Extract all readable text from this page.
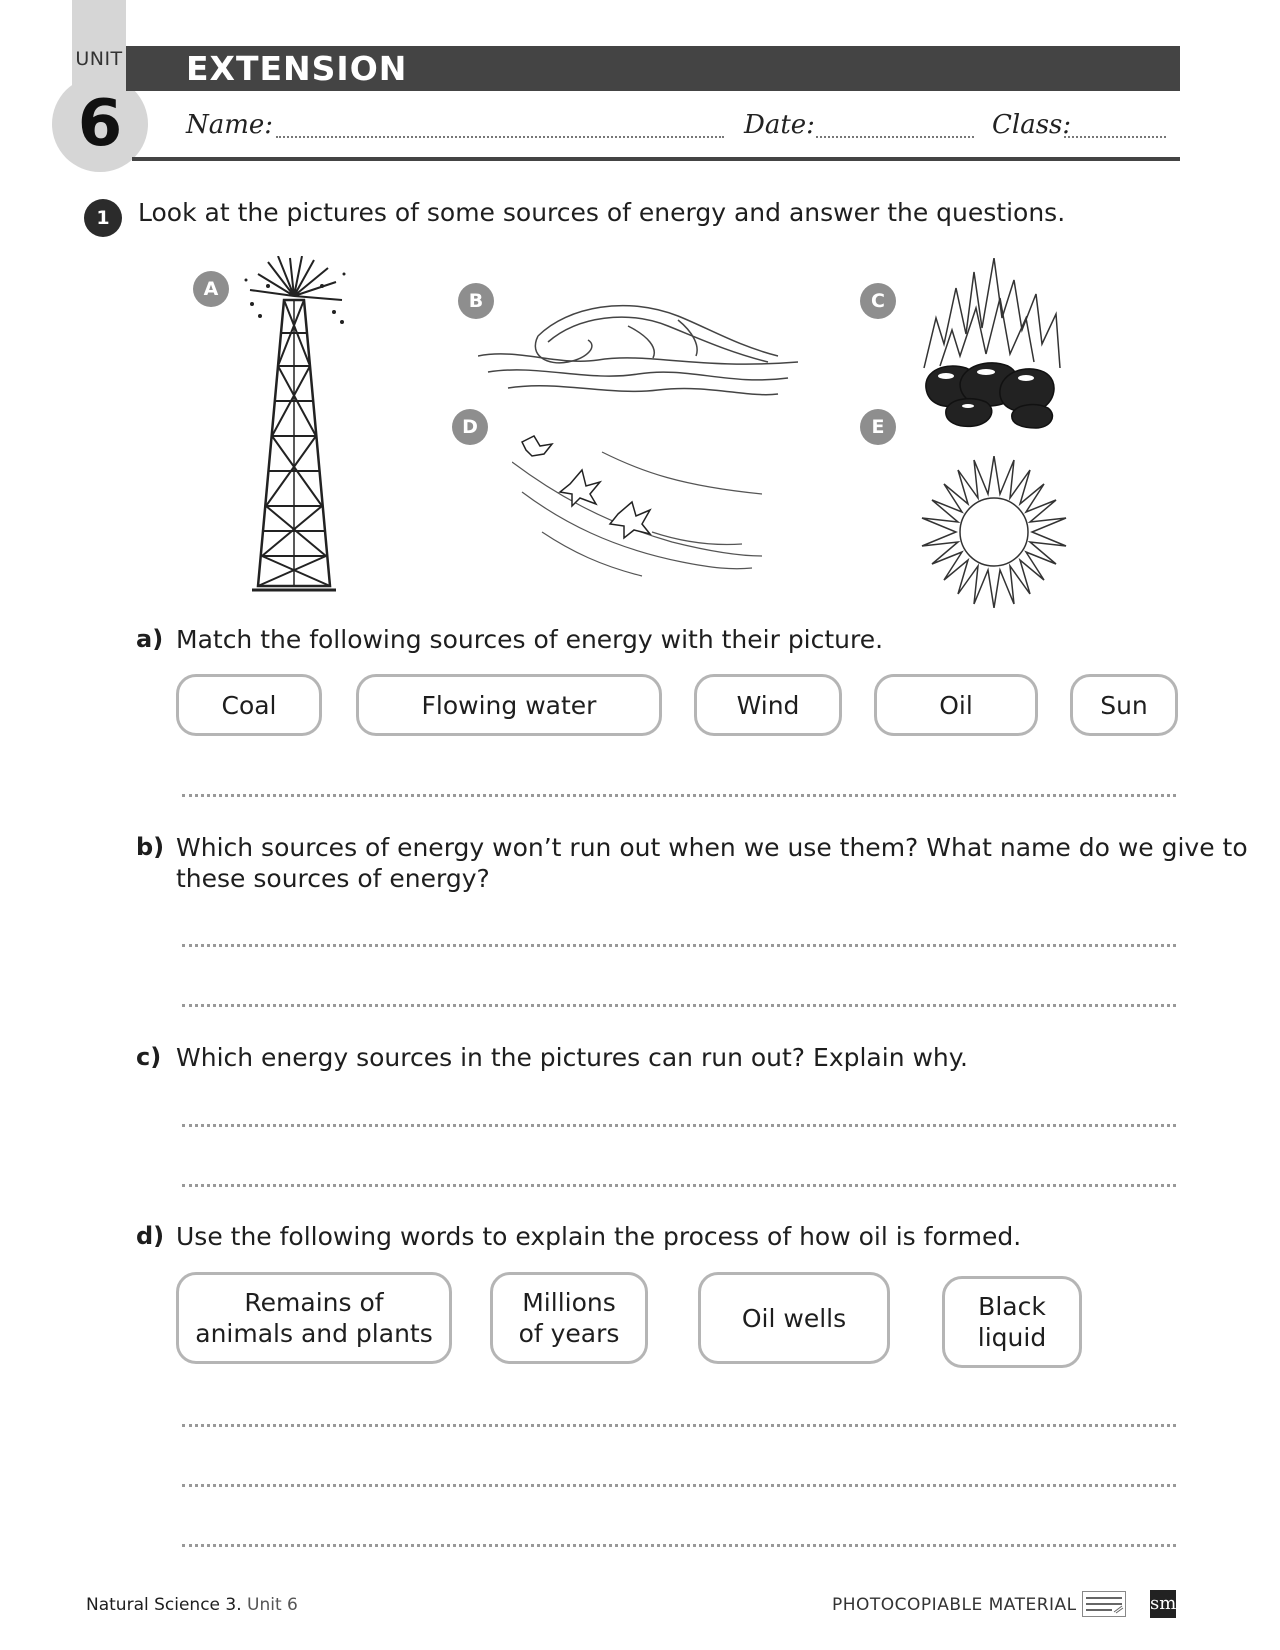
UNIT
6
EXTENSION
Name:	Date:	Class:
1	Look at the pictures of some sources of energy and answer the questions.
A
B	C
D	E
a) Match the following sources of energy with their picture.
Coal	Flowing water	Wind	Oil	Sun
b) Which sources of energy won’t run out when we use them? What name do we give to
these sources of energy?
c) Which energy sources in the pictures can run out? Explain why.
d) Use the following words to explain the process of how oil is formed.
Remains of
animals and plants
Millions
of years
Oil wells	Black
liquid
Natural Science 3. Unit 6	PHOTOCOPIABLE MATERIAL	sm
